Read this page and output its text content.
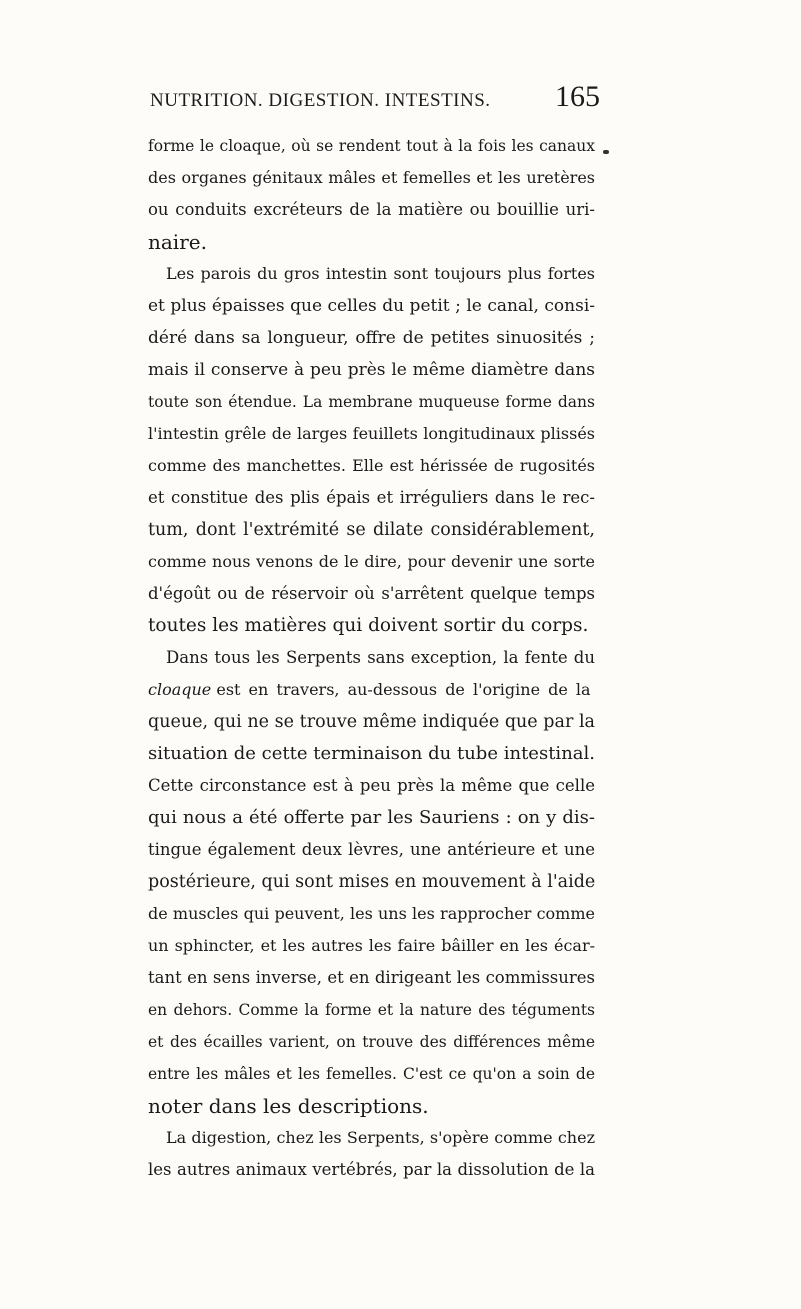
NUTRITION. DIGESTION. INTESTINS. 165
forme le cloaque, où se rendent tout à la fois les canaux
des organes génitaux mâles et femelles et les uretères
ou conduits excréteurs de la matière ou bouillie uri-
naire.
Les parois du gros intestin sont toujours plus fortes
et plus épaisses que celles du petit ; le canal, consi-
déré dans sa longueur, offre de petites sinuosités ;
mais il conserve à peu près le même diamètre dans
toute son étendue. La membrane muqueuse forme dans
l'intestin grêle de larges feuillets longitudinaux plissés
comme des manchettes. Elle est hérissée de rugosités
et constitue des plis épais et irréguliers dans le rec-
tum, dont l'extrémité se dilate considérablement,
comme nous venons de le dire, pour devenir une sorte
d'égoût ou de réservoir où s'arrêtent quelque temps
toutes les matières qui doivent sortir du corps.
Dans tous les Serpents sans exception, la fente du
cloaque est en travers, au-dessous de l'origine de la
queue, qui ne se trouve même indiquée que par la
situation de cette terminaison du tube intestinal.
Cette circonstance est à peu près la même que celle
qui nous a été offerte par les Sauriens : on y dis-
tingue également deux lèvres, une antérieure et une
postérieure, qui sont mises en mouvement à l'aide
de muscles qui peuvent, les uns les rapprocher comme
un sphincter, et les autres les faire bâiller en les écar-
tant en sens inverse, et en dirigeant les commissures
en dehors. Comme la forme et la nature des téguments
et des écailles varient, on trouve des différences même
entre les mâles et les femelles. C'est ce qu'on a soin de
noter dans les descriptions.
La digestion, chez les Serpents, s'opère comme chez
les autres animaux vertébrés, par la dissolution de la
